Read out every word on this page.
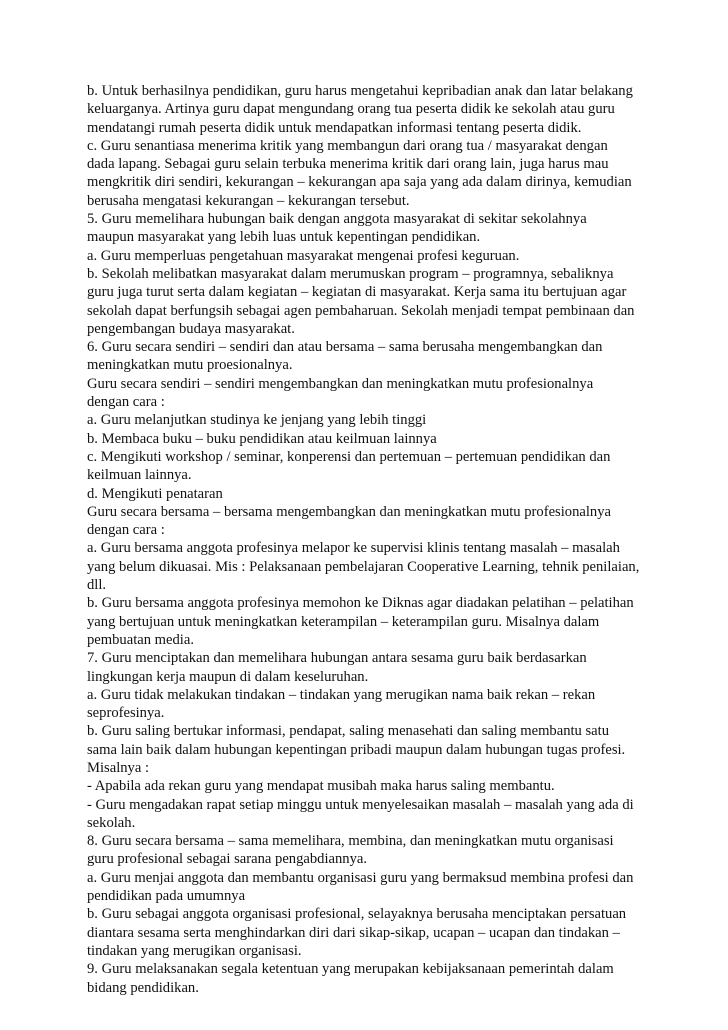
b. Untuk berhasilnya pendidikan, guru harus mengetahui kepribadian anak dan latar belakang
keluarganya. Artinya guru dapat mengundang orang tua peserta didik ke sekolah atau guru
mendatangi rumah peserta didik untuk mendapatkan informasi tentang peserta didik.
c. Guru senantiasa menerima kritik yang membangun dari orang tua / masyarakat dengan
dada lapang. Sebagai guru selain terbuka menerima kritik dari orang lain, juga harus mau
mengkritik diri sendiri, kekurangan – kekurangan apa saja yang ada dalam dirinya, kemudian
berusaha mengatasi kekurangan – kekurangan tersebut.
5. Guru memelihara hubungan baik dengan anggota masyarakat di sekitar sekolahnya
maupun masyarakat yang lebih luas untuk kepentingan pendidikan.
a. Guru memperluas pengetahuan masyarakat mengenai profesi keguruan.
b. Sekolah melibatkan masyarakat dalam merumuskan program – programnya, sebaliknya
guru juga turut serta dalam kegiatan – kegiatan di masyarakat. Kerja sama itu bertujuan agar
sekolah dapat berfungsih sebagai agen pembaharuan. Sekolah menjadi tempat pembinaan dan
pengembangan budaya masyarakat.
6. Guru secara sendiri – sendiri dan atau bersama – sama berusaha mengembangkan dan
meningkatkan mutu proesionalnya.
Guru secara sendiri – sendiri mengembangkan dan meningkatkan mutu profesionalnya
dengan cara :
a. Guru melanjutkan studinya ke jenjang yang lebih tinggi
b. Membaca buku – buku pendidikan atau keilmuan lainnya
c. Mengikuti workshop / seminar, konperensi dan pertemuan – pertemuan pendidikan dan
keilmuan lainnya.
d. Mengikuti penataran
Guru secara bersama – bersama mengembangkan dan meningkatkan mutu profesionalnya
dengan cara :
a. Guru bersama anggota profesinya melapor ke supervisi klinis tentang masalah – masalah
yang belum dikuasai. Mis : Pelaksanaan pembelajaran Cooperative Learning, tehnik penilaian,
dll.
b. Guru bersama anggota profesinya memohon ke Diknas agar diadakan pelatihan – pelatihan
yang bertujuan untuk meningkatkan keterampilan – keterampilan guru. Misalnya dalam
pembuatan media.
7. Guru menciptakan dan memelihara hubungan antara sesama guru baik berdasarkan
lingkungan kerja maupun di dalam keseluruhan.
a. Guru tidak melakukan tindakan – tindakan yang merugikan nama baik rekan – rekan
seprofesinya.
b. Guru saling bertukar informasi, pendapat, saling menasehati dan saling membantu satu
sama lain baik dalam hubungan kepentingan pribadi maupun dalam hubungan tugas profesi.
Misalnya :
- Apabila ada rekan guru yang mendapat musibah maka harus saling membantu.
- Guru mengadakan rapat setiap minggu untuk menyelesaikan masalah – masalah yang ada di
sekolah.
8. Guru secara bersama – sama memelihara, membina, dan meningkatkan mutu organisasi
guru profesional sebagai sarana pengabdiannya.
a. Guru menjai anggota dan membantu organisasi guru yang bermaksud membina profesi dan
pendidikan pada umumnya
b. Guru sebagai anggota organisasi profesional, selayaknya berusaha menciptakan persatuan
diantara sesama serta menghindarkan diri dari sikap-sikap, ucapan – ucapan dan tindakan –
tindakan yang merugikan organisasi.
9. Guru melaksanakan segala ketentuan yang merupakan kebijaksanaan pemerintah dalam
bidang pendidikan.
